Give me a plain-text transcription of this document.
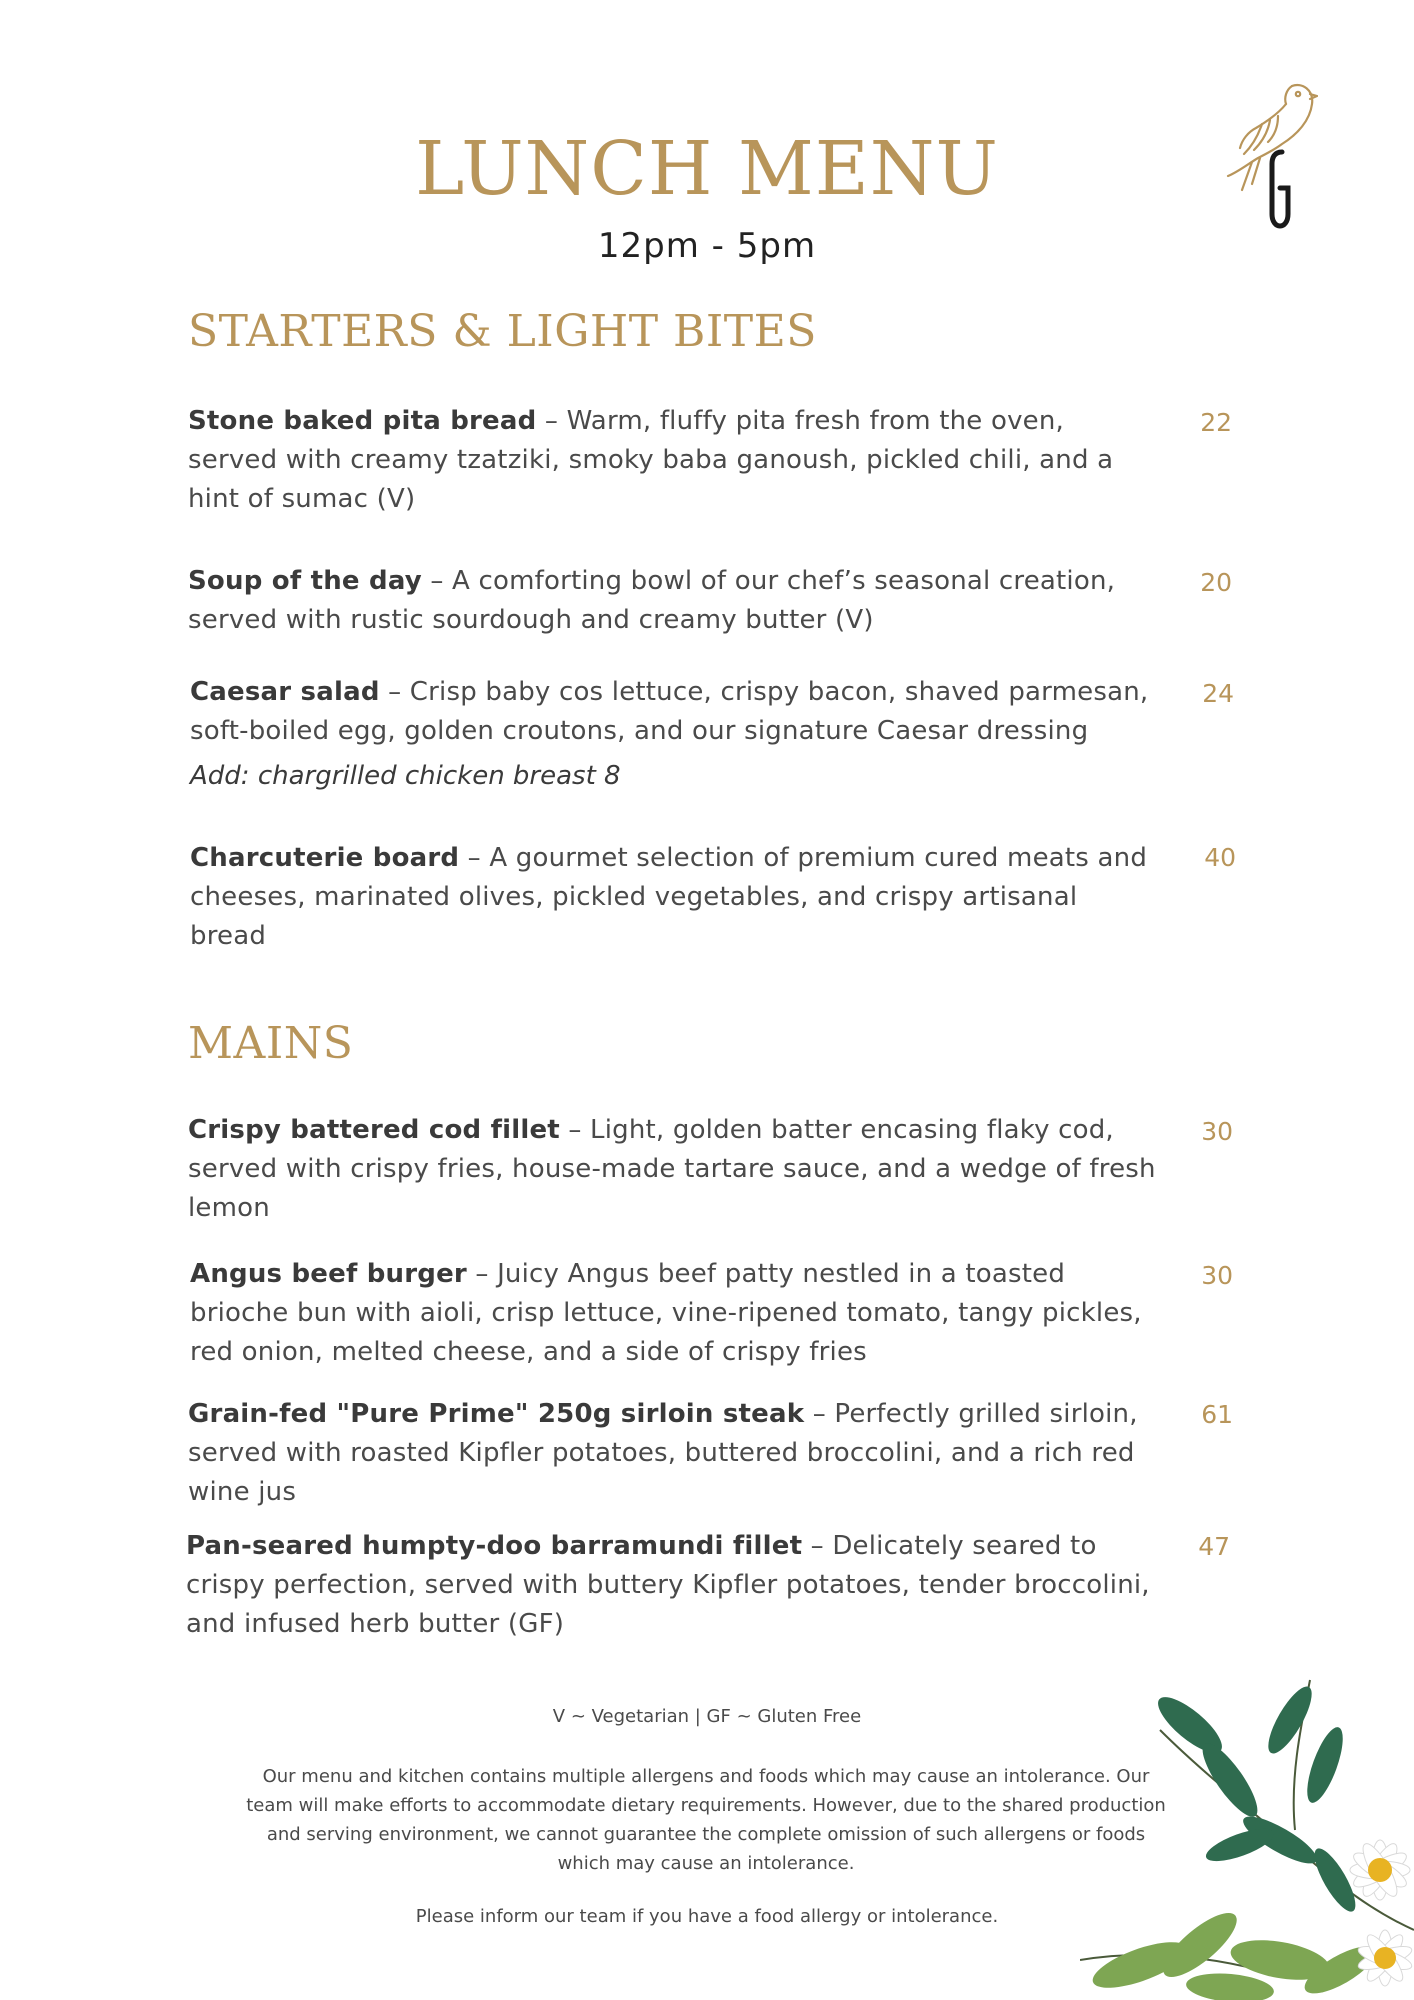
LUNCH MENU
12pm - 5pm
STARTERS & LIGHT BITES
Stone baked pita bread – Warm, fluffy pita fresh from the oven, served with creamy tzatziki, smoky baba ganoush, pickled chili, and a hint of sumac (V)
22
Soup of the day – A comforting bowl of our chef’s seasonal creation, served with rustic sourdough and creamy butter (V)
20
Caesar salad – Crisp baby cos lettuce, crispy bacon, shaved parmesan, soft-boiled egg, golden croutons, and our signature Caesar dressing
Add: chargrilled chicken breast 8
24
Charcuterie board – A gourmet selection of premium cured meats and cheeses, marinated olives, pickled vegetables, and crispy artisanal bread
40
MAINS
Crispy battered cod fillet – Light, golden batter encasing flaky cod, served with crispy fries, house-made tartare sauce, and a wedge of fresh lemon
30
Angus beef burger – Juicy Angus beef patty nestled in a toasted brioche bun with aioli, crisp lettuce, vine-ripened tomato, tangy pickles, red onion, melted cheese, and a side of crispy fries
30
Grain-fed "Pure Prime" 250g sirloin steak – Perfectly grilled sirloin, served with roasted Kipfler potatoes, buttered broccolini, and a rich red wine jus
61
Pan-seared humpty-doo barramundi fillet – Delicately seared to crispy perfection, served with buttery Kipfler potatoes, tender broccolini, and infused herb butter (GF)
47
V ~ Vegetarian | GF ~ Gluten Free
Our menu and kitchen contains multiple allergens and foods which may cause an intolerance. Our team will make efforts to accommodate dietary requirements. However, due to the shared production and serving environment, we cannot guarantee the complete omission of such allergens or foods which may cause an intolerance.
Please inform our team if you have a food allergy or intolerance.
